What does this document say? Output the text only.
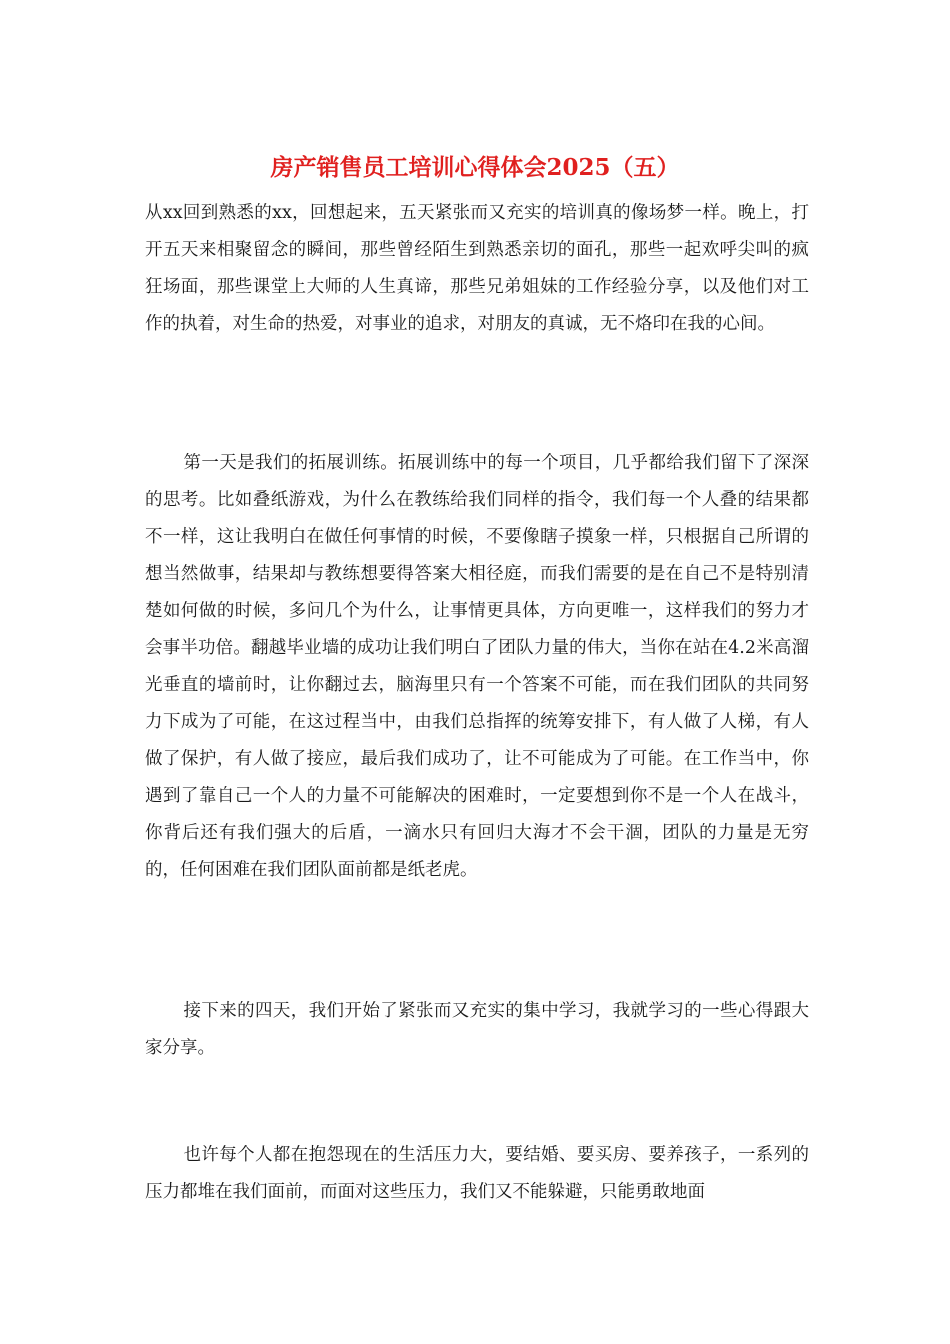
房产销售员工培训心得体会2025（五）

从xx回到熟悉的xx，回想起来，五天紧张而又充实的培训真的像场梦一样。晚上，打开五天来相聚留念的瞬间，那些曾经陌生到熟悉亲切的面孔，那些一起欢呼尖叫的疯狂场面，那些课堂上大师的人生真谛，那些兄弟姐妹的工作经验分享，以及他们对工作的执着，对生命的热爱，对事业的追求，对朋友的真诚，无不烙印在我的心间。

第一天是我们的拓展训练。拓展训练中的每一个项目，几乎都给我们留下了深深的思考。比如叠纸游戏，为什么在教练给我们同样的指令，我们每一个人叠的结果都不一样，这让我明白在做任何事情的时候，不要像瞎子摸象一样，只根据自己所谓的想当然做事，结果却与教练想要得答案大相径庭，而我们需要的是在自己不是特别清楚如何做的时候，多问几个为什么，让事情更具体，方向更唯一，这样我们的努力才会事半功倍。翻越毕业墙的成功让我们明白了团队力量的伟大，当你在站在4.2米高溜光垂直的墙前时，让你翻过去，脑海里只有一个答案不可能，而在我们团队的共同努力下成为了可能，在这过程当中，由我们总指挥的统筹安排下，有人做了人梯，有人做了保护，有人做了接应，最后我们成功了，让不可能成为了可能。在工作当中，你遇到了靠自己一个人的力量不可能解决的困难时，一定要想到你不是一个人在战斗，你背后还有我们强大的后盾，一滴水只有回归大海才不会干涸，团队的力量是无穷的，任何困难在我们团队面前都是纸老虎。

接下来的四天，我们开始了紧张而又充实的集中学习，我就学习的一些心得跟大家分享。

也许每个人都在抱怨现在的生活压力大，要结婚、要买房、要养孩子，一系列的压力都堆在我们面前，而面对这些压力，我们又不能躲避，只能勇敢地面
